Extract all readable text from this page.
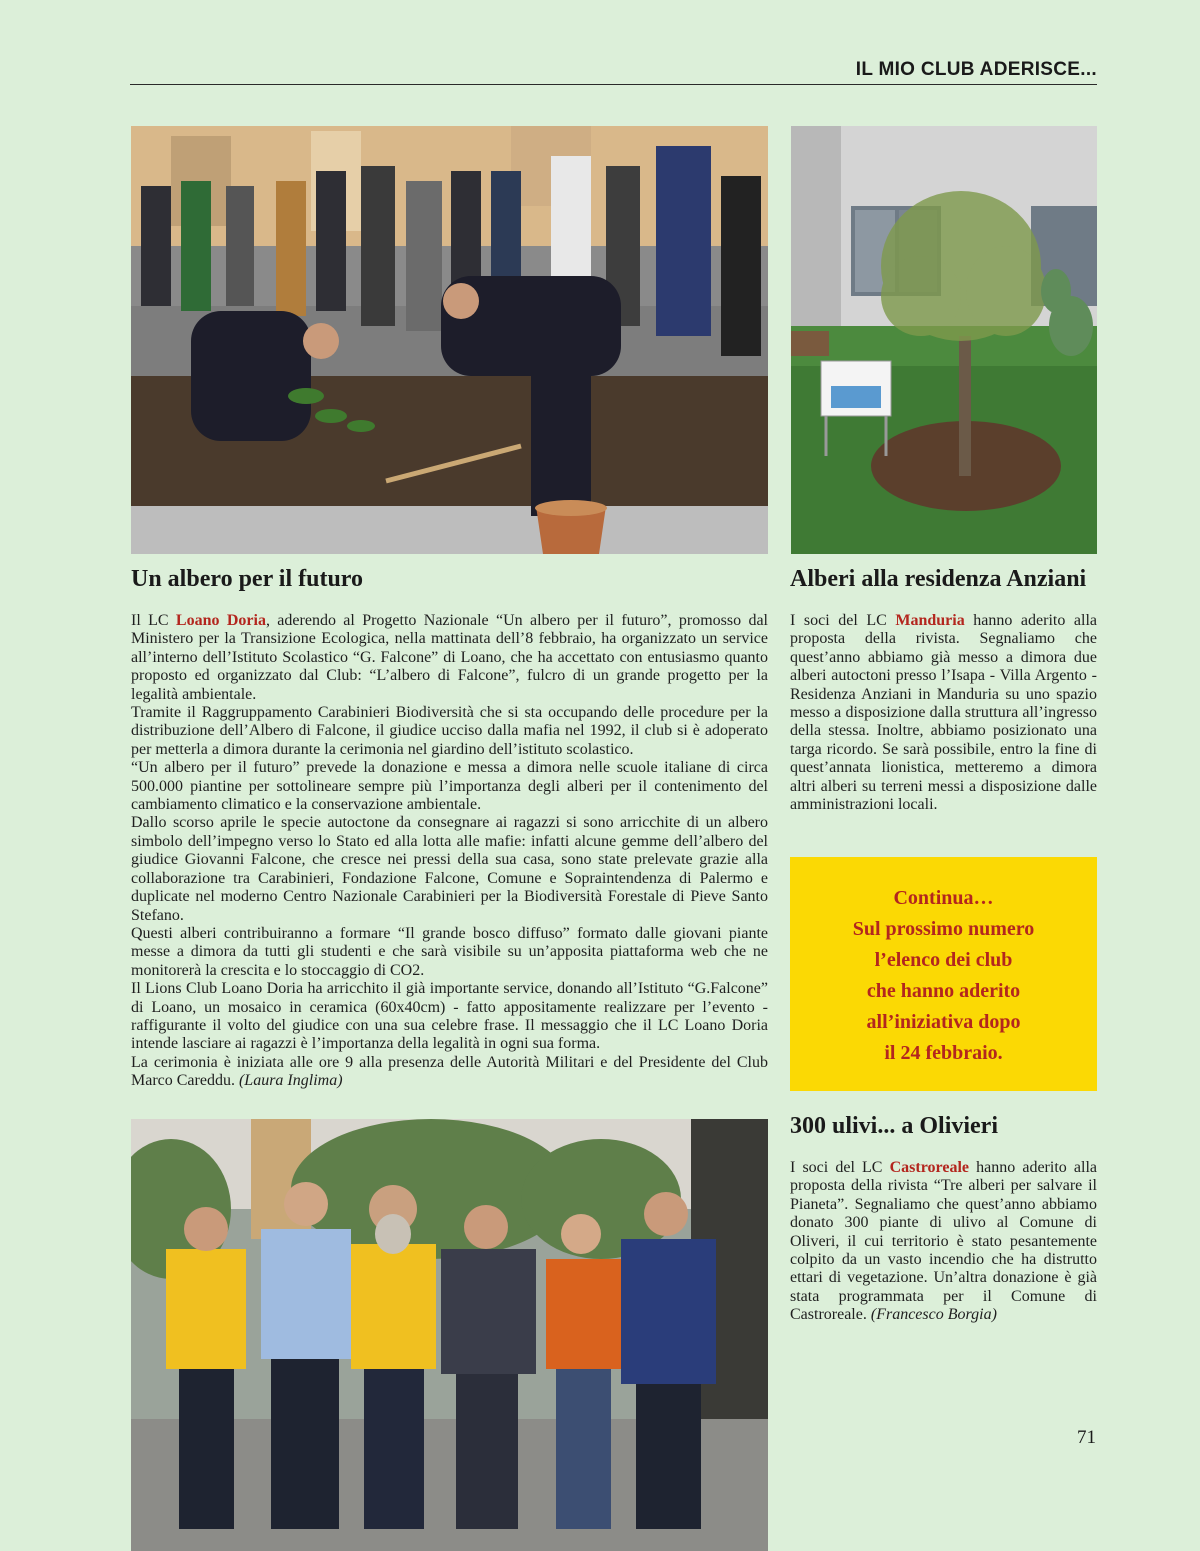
IL MIO CLUB ADERISCE...
Un albero per il futuro

Il LC Loano Doria, aderendo al Progetto Nazionale “Un albero per il futuro”, promosso dal Ministero per la Transizione Ecologica, nella mattinata dell’8 febbraio, ha organizzato un service all’interno dell’Istituto Scolastico “G. Falcone” di Loano, che ha accettato con entusiasmo quanto proposto ed organizzato dal Club: “L’albero di Falcone”, fulcro di un grande progetto per la legalità ambientale.

Tramite il Raggruppamento Carabinieri Biodiversità che si sta occupando delle procedure per la distribuzione dell’Albero di Falcone, il giudice ucciso dalla mafia nel 1992, il club si è adoperato per metterla a dimora durante la cerimonia nel giardino dell’istituto scolastico.

“Un albero per il futuro” prevede la donazione e messa a dimora nelle scuole italiane di circa 500.000 piantine per sottolineare sempre più l’importanza degli alberi per il contenimento del cambiamento climatico e la conservazione ambientale.

Dallo scorso aprile le specie autoctone da consegnare ai ragazzi si sono arricchite di un albero simbolo dell’impegno verso lo Stato ed alla lotta alle mafie: infatti alcune gemme dell’albero del giudice Giovanni Falcone, che cresce nei pressi della sua casa, sono state prelevate grazie alla collaborazione tra Carabinieri, Fondazione Falcone, Comune e Sopraintendenza di Palermo e duplicate nel moderno Centro Nazionale Carabinieri per la Biodiversità Forestale di Pieve Santo Stefano.

Questi alberi contribuiranno a formare “Il grande bosco diffuso” formato dalle giovani piante messe a dimora da tutti gli studenti e che sarà visibile su un’apposita piattaforma web che ne monitorerà la crescita e lo stoccaggio di CO2.

Il Lions Club Loano Doria ha arricchito il già importante service, donando all’Istituto “G.Falcone” di Loano, un mosaico in ceramica (60x40cm) - fatto appositamente realizzare per l’evento - raffigurante il volto del giudice con una sua celebre frase. Il messaggio che il LC Loano Doria intende lasciare ai ragazzi è l’importanza della legalità in ogni sua forma.

La cerimonia è iniziata alle ore 9 alla presenza delle Autorità Militari e del Presidente del Club Marco Careddu. (Laura Inglima)

Alberi alla residenza Anziani

I soci del LC Manduria hanno aderito alla proposta della rivista. Segnaliamo che quest’anno abbiamo già messo a dimora due alberi autoctoni presso l’Isapa - Villa Argento - Residenza Anziani in Manduria su uno spazio messo a disposizione dalla struttura all’ingresso della stessa. Inoltre, abbiamo posizionato una targa ricordo. Se sarà possibile, entro la fine di quest’annata lionistica, metteremo a dimora altri alberi su terreni messi a disposizione dalle amministrazioni locali.

Continua…
Sul prossimo numero
l’elenco dei club
che hanno aderito
all’iniziativa dopo
il 24 febbraio.
300 ulivi... a Olivieri

I soci del LC Castroreale hanno aderito alla proposta della rivista “Tre alberi per salvare il Pianeta”. Segnaliamo che quest’anno abbiamo donato 300 piante di ulivo al Comune di Oliveri, il cui territorio è stato pesantemente colpito da un vasto incendio che ha distrutto ettari di vegetazione. Un’altra donazione è già stata programmata per il Comune di Castroreale. (Francesco Borgia)

71
